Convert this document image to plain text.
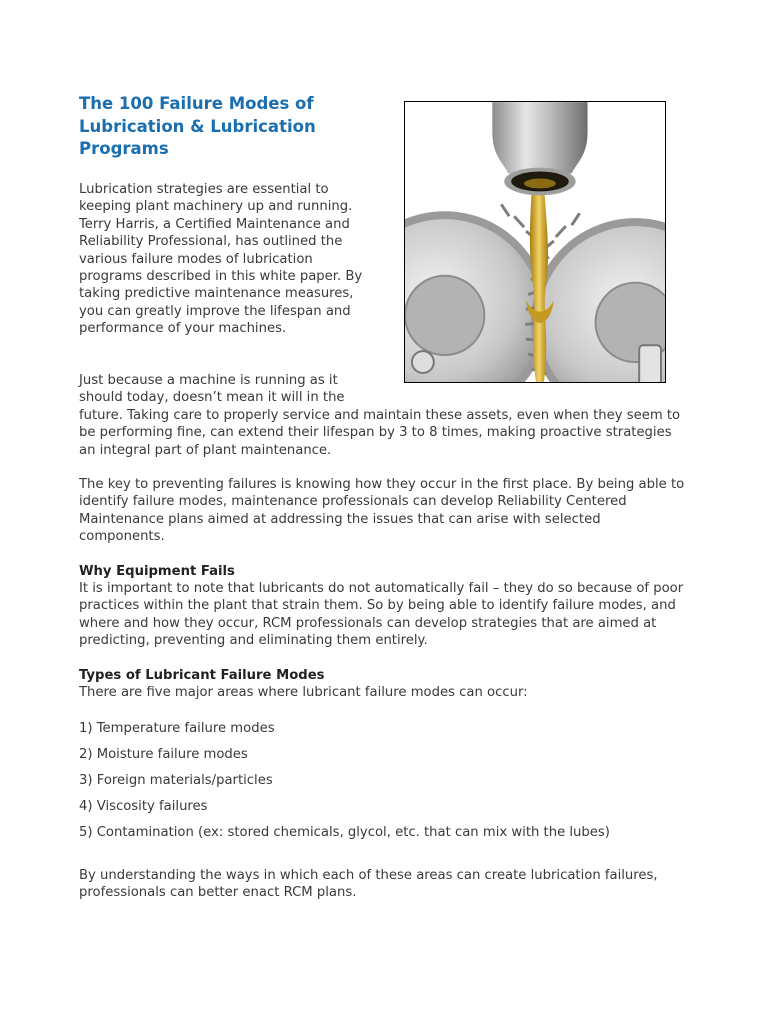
The 100 Failure Modes of Lubrication & Lubrication Programs

Lubrication strategies are essential to keeping plant machinery up and running. Terry Harris, a Certified Maintenance and Reliability Professional, has outlined the various failure modes of lubrication programs described in this white paper. By taking predictive maintenance measures, you can greatly improve the lifespan and performance of your machines.

Just because a machine is running as it
should today, doesn’t mean it will in the
future. Taking care to properly service and maintain these assets, even when they seem to be performing fine, can extend their lifespan by 3 to 8 times, making proactive strategies an integral part of plant maintenance.

The key to preventing failures is knowing how they occur in the first place. By being able to identify failure modes, maintenance professionals can develop Reliability Centered Maintenance plans aimed at addressing the issues that can arise with selected components.

Why Equipment Fails

It is important to note that lubricants do not automatically fail – they do so because of poor practices within the plant that strain them. So by being able to identify failure modes, and where and how they occur, RCM professionals can develop strategies that are aimed at predicting, preventing and eliminating them entirely.

Types of Lubricant Failure Modes

There are five major areas where lubricant failure modes can occur:

1) Temperature failure modes
2) Moisture failure modes
3) Foreign materials/particles
4) Viscosity failures
5) Contamination (ex: stored chemicals, glycol, etc. that can mix with the lubes)

By understanding the ways in which each of these areas can create lubrication failures, professionals can better enact RCM plans.
